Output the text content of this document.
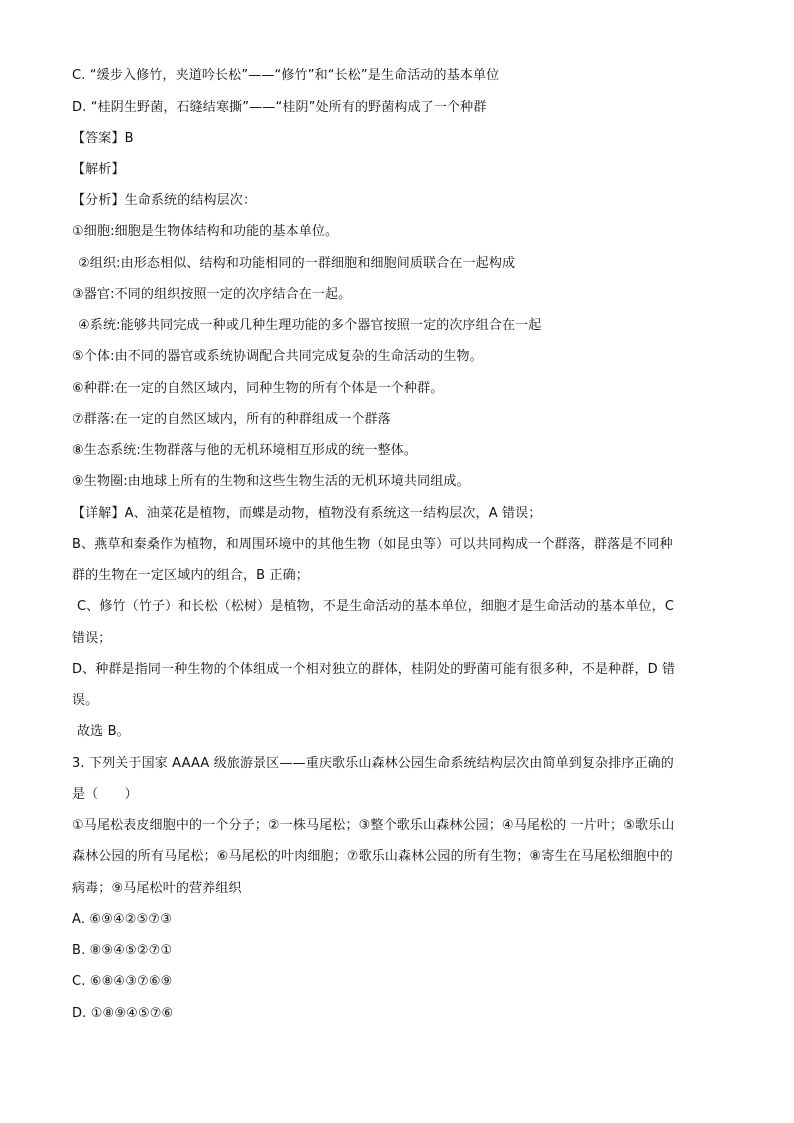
C. “缓步入修竹，夹道吟长松”——“修竹”和“长松”是生命活动的基本单位
D. “桂阴生野菌，石缝结寒撕”——“桂阴”处所有的野菌构成了一个种群
【答案】B
【解析】
【分析】生命系统的结构层次：
①细胞:细胞是生物体结构和功能的基本单位。
②组织:由形态相似、结构和功能相同的一群细胞和细胞间质联合在一起构成
③器官:不同的组织按照一定的次序结合在一起。
④系统:能够共同完成一种或几种生理功能的多个器官按照一定的次序组合在一起
⑤个体:由不同的器官或系统协调配合共同完成复杂的生命活动的生物。
⑥种群:在一定的自然区域内，同种生物的所有个体是一个种群。
⑦群落:在一定的自然区域内，所有的种群组成一个群落
⑧生态系统:生物群落与他的无机环境相互形成的统一整体。
⑨生物圈:由地球上所有的生物和这些生物生活的无机环境共同组成。
【详解】A、油菜花是植物，而蝶是动物，植物没有系统这一结构层次，A 错误；
B、燕草和秦桑作为植物，和周围环境中的其他生物（如昆虫等）可以共同构成一个群落，群落是不同种
群的生物在一定区域内的组合，B 正确；
C、修竹（竹子）和长松（松树）是植物，不是生命活动的基本单位，细胞才是生命活动的基本单位，C
错误；
D、种群是指同一种生物的个体组成一个相对独立的群体，桂阴处的野菌可能有很多种，不是种群，D 错
误。
故选 B。
3. 下列关于国家 AAAA 级旅游景区——重庆歌乐山森林公园生命系统结构层次由简单到复杂排序正确的
是（　　）
①马尾松表皮细胞中的一个分子；②一株马尾松；③整个歌乐山森林公园；④马尾松的 一片叶；⑤歌乐山
森林公园的所有马尾松；⑥马尾松的叶肉细胞；⑦歌乐山森林公园的所有生物；⑧寄生在马尾松细胞中的
病毒；⑨马尾松叶的营养组织
A. ⑥⑨④②⑤⑦③
B. ⑧⑨④⑤②⑦①
C. ⑥⑧④③⑦⑥⑨
D. ①⑧⑨④⑤⑦⑥
